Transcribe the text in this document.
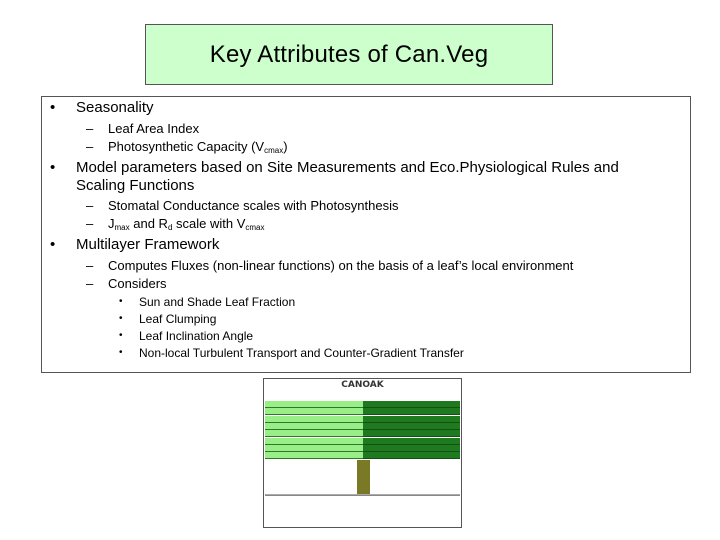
Key Attributes of Can.Veg
• Seasonality
– Leaf Area Index
– Photosynthetic Capacity $(V_{cmax})$
• Model parameters based on Site Measurements and Eco.Physiological Rules and
Scaling Functions
– Stomatal Conductance scales with Photosynthesis
– $J_{max}$ and $R_d$ scale with $V_{cmax}$
• Multilayer Framework
– Computes Fluxes (non-linear functions) on the basis of a leaf’s local environment
– Considers
• Sun and Shade Leaf Fraction
• Leaf Clumping
• Leaf Inclination Angle
• Non-local Turbulent Transport and Counter-Gradient Transfer
CANOAK
